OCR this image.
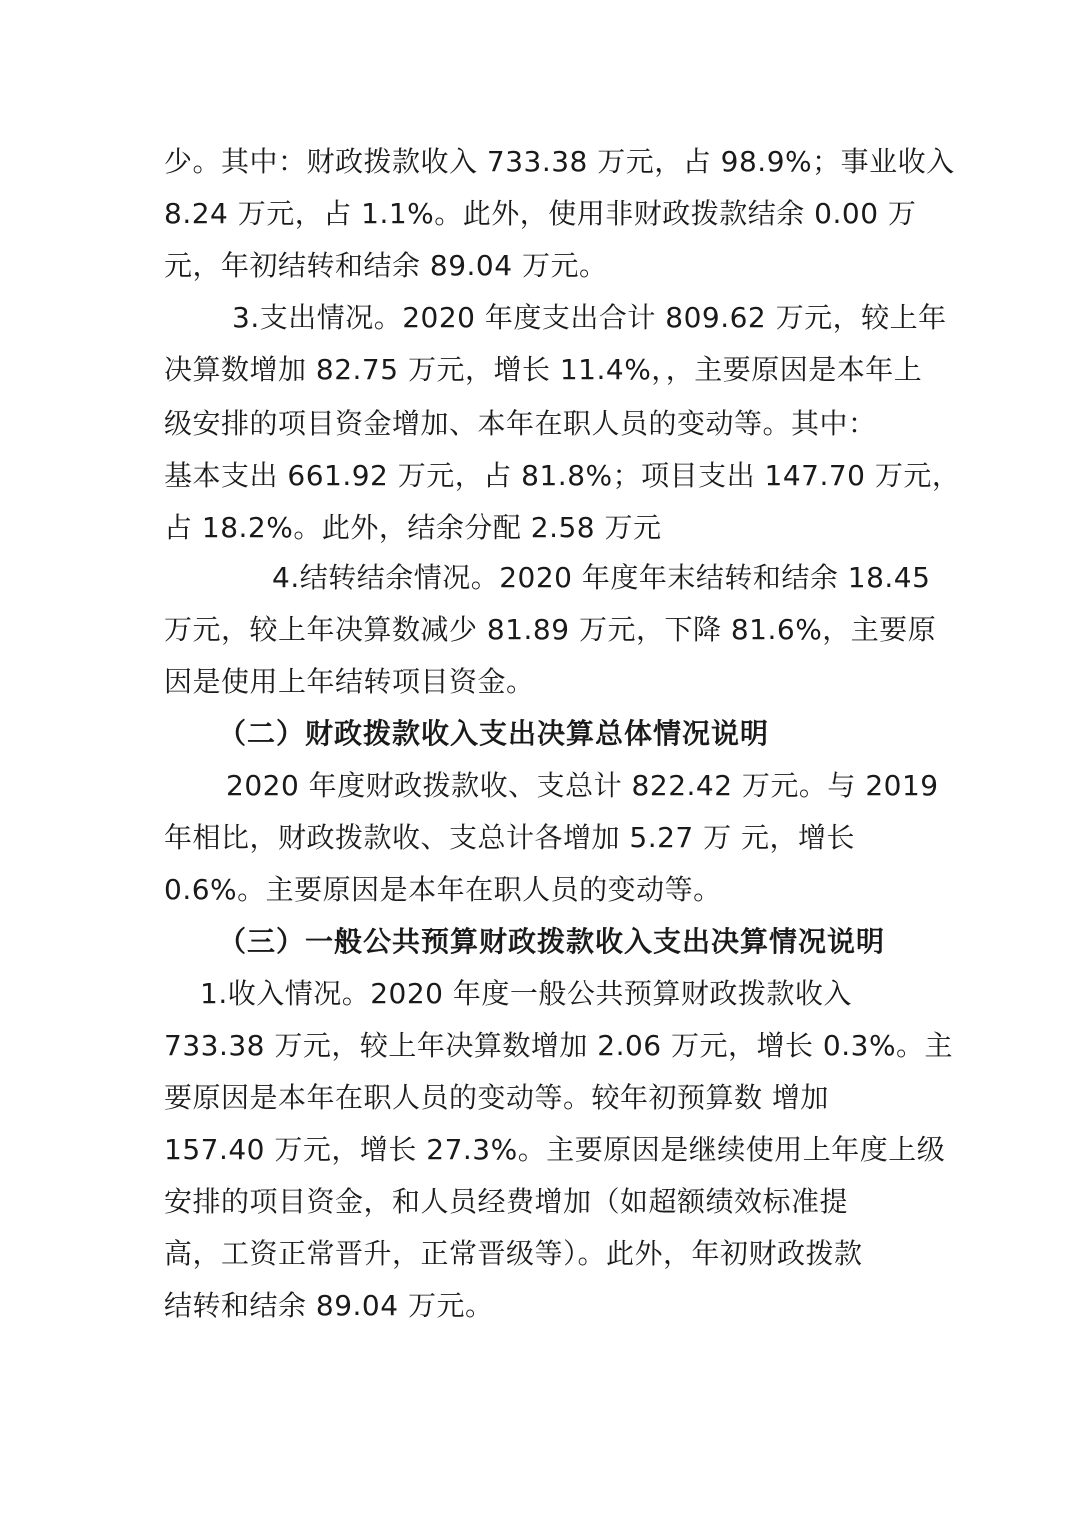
少。其中：财政拨款收入 733.38 万元，占 98.9%；事业收入
8.24 万元，占 1.1%。此外，使用非财政拨款结余 0.00 万
元，年初结转和结余 89.04 万元。
3.支出情况。2020 年度支出合计 809.62 万元，较上年
决算数增加 82.75 万元，增长 11.4%，，主要原因是本年上
级安排的项目资金增加、本年在职人员的变动等。其中：
基本支出 661.92 万元，占 81.8%；项目支出 147.70 万元，
占 18.2%。此外，结余分配 2.58 万元
4.结转结余情况。2020 年度年末结转和结余 18.45
万元，较上年决算数减少 81.89 万元，下降 81.6%，主要原
因是使用上年结转项目资金。
（二）财政拨款收入支出决算总体情况说明
2020 年度财政拨款收、支总计 822.42 万元。与 2019
年相比，财政拨款收、支总计各增加 5.27 万 元，增长
0.6%。主要原因是本年在职人员的变动等。
（三）一般公共预算财政拨款收入支出决算情况说明
1.收入情况。2020 年度一般公共预算财政拨款收入
733.38 万元，较上年决算数增加 2.06 万元，增长 0.3%。主
要原因是本年在职人员的变动等。较年初预算数 增加
157.40 万元，增长 27.3%。主要原因是继续使用上年度上级
安排的项目资金，和人员经费增加（如超额绩效标准提
高，工资正常晋升，正常晋级等）。此外，年初财政拨款
结转和结余 89.04 万元。
